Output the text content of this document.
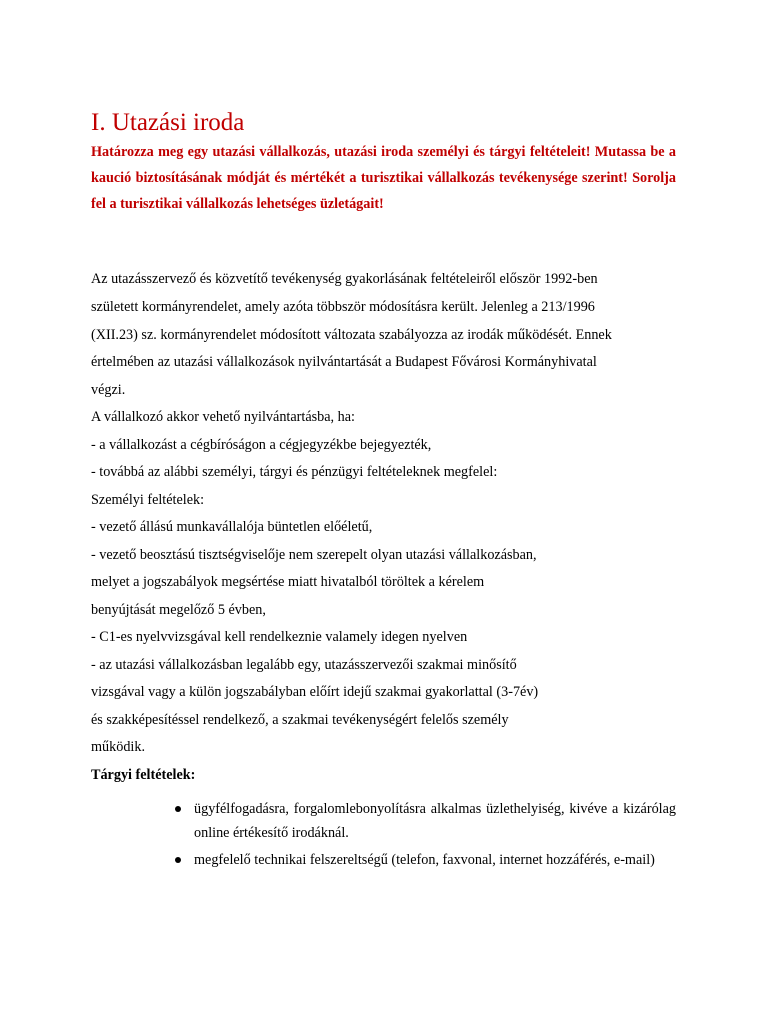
I. Utazási iroda

Határozza meg egy utazási vállalkozás, utazási iroda személyi és tárgyi feltételeit! Mutassa be a kaució biztosításának módját és mértékét a turisztikai vállalkozás tevékenysége szerint! Sorolja fel a turisztikai vállalkozás lehetséges üzletágait!

Az utazásszervező és közvetítő tevékenység gyakorlásának feltételeiről először 1992-ben

született kormányrendelet, amely azóta többször módosításra került. Jelenleg a 213/1996

(XII.23) sz. kormányrendelet módosított változata szabályozza az irodák működését. Ennek

értelmében az utazási vállalkozások nyilvántartását a Budapest Fővárosi Kormányhivatal

végzi.

A vállalkozó akkor vehető nyilvántartásba, ha:

- a vállalkozást a cégbíróságon a cégjegyzékbe bejegyezték,

- továbbá az alábbi személyi, tárgyi és pénzügyi feltételeknek megfelel:

Személyi feltételek:

- vezető állású munkavállalója büntetlen előéletű,

- vezető beosztású tisztségviselője nem szerepelt olyan utazási vállalkozásban,

melyet a jogszabályok megsértése miatt hivatalból töröltek a kérelem

benyújtását megelőző 5 évben,

- C1-es nyelvvizsgával kell rendelkeznie valamely idegen nyelven

- az utazási vállalkozásban legalább egy, utazásszervezői szakmai minősítő

vizsgával vagy a külön jogszabályban előírt idejű szakmai gyakorlattal (3-7év)

és szakképesítéssel rendelkező, a szakmai tevékenységért felelős személy

működik.

Tárgyi feltételek:

ügyfélfogadásra, forgalomlebonyolításra alkalmas üzlethelyiség, kivéve a kizárólag online értékesítő irodáknál.
megfelelő technikai felszereltségű (telefon, faxvonal, internet hozzáférés, e-mail)
